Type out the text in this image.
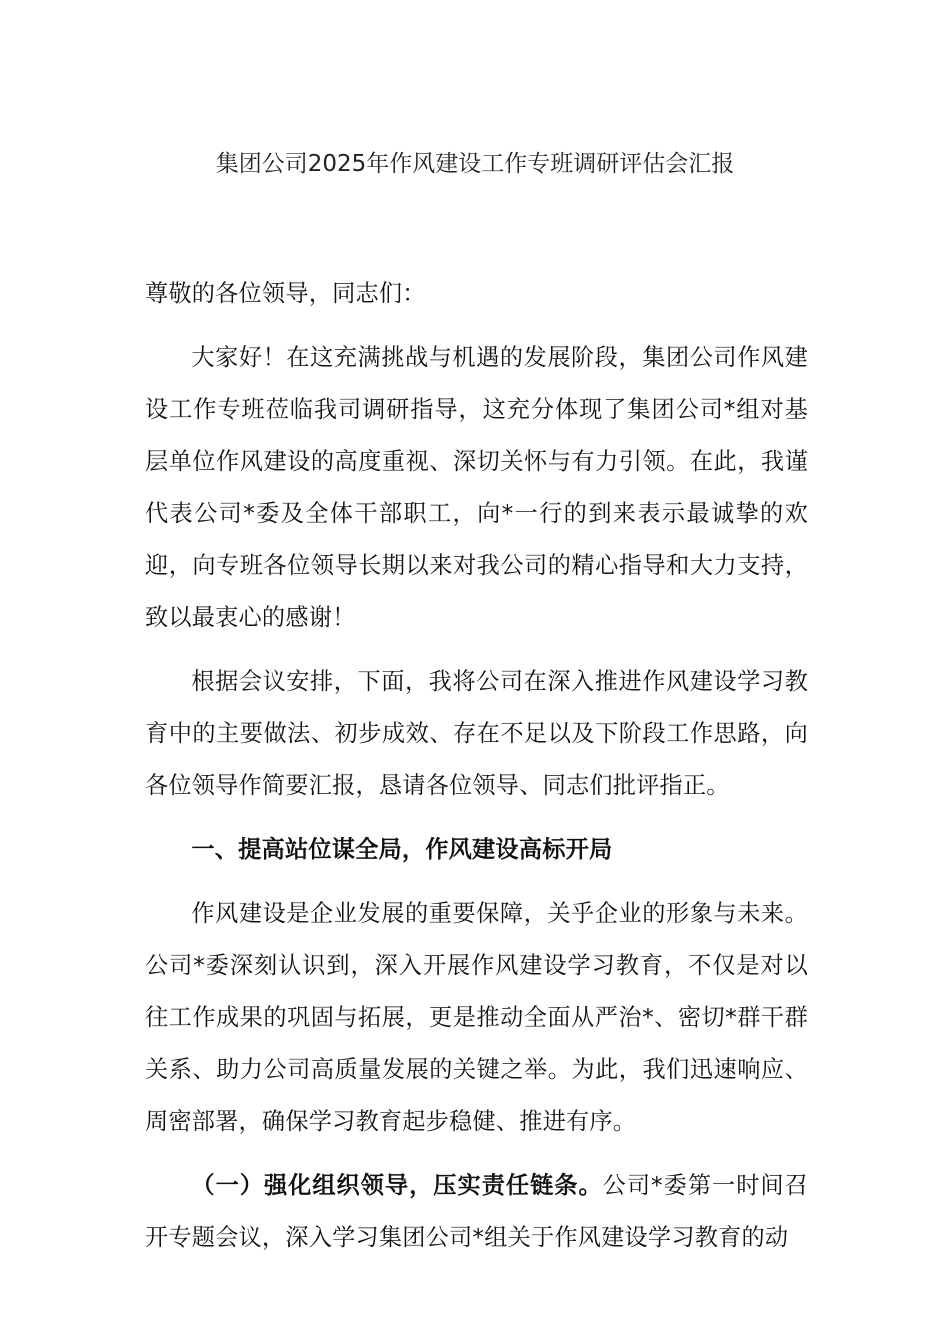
集团公司2025年作风建设工作专班调研评估会汇报

尊敬的各位领导，同志们：

大家好！在这充满挑战与机遇的发展阶段，集团公司作风建设工作专班莅临我司调研指导，这充分体现了集团公司*组对基层单位作风建设的高度重视、深切关怀与有力引领。在此，我谨代表公司*委及全体干部职工，向*一行的到来表示最诚挚的欢迎，向专班各位领导长期以来对我公司的精心指导和大力支持，致以最衷心的感谢！

根据会议安排，下面，我将公司在深入推进作风建设学习教育中的主要做法、初步成效、存在不足以及下阶段工作思路，向各位领导作简要汇报，恳请各位领导、同志们批评指正。

一、提高站位谋全局，作风建设高标开局

作风建设是企业发展的重要保障，关乎企业的形象与未来。公司*委深刻认识到，深入开展作风建设学习教育，不仅是对以往工作成果的巩固与拓展，更是推动全面从严治*、密切*群干群关系、助力公司高质量发展的关键之举。为此，我们迅速响应、周密部署，确保学习教育起步稳健、推进有序。

（一）强化组织领导，压实责任链条。公司*委第一时间召开专题会议，深入学习集团公司*组关于作风建设学习教育的动
